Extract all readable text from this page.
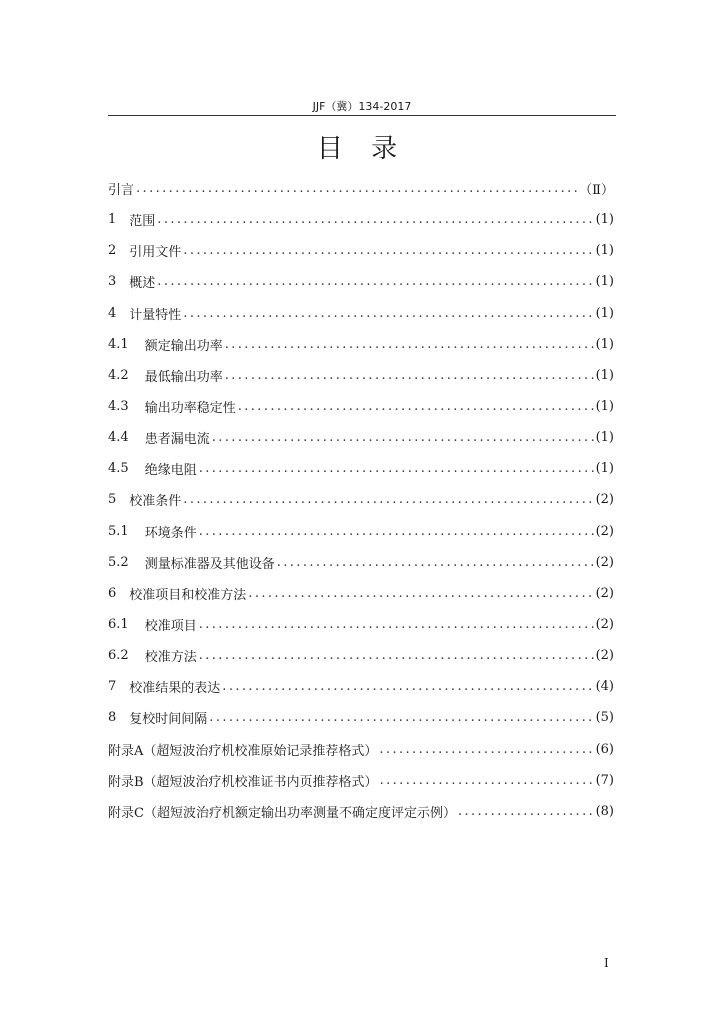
JJF（冀）134-2017
目 录
引言 .....	（Ⅱ）
1 范围 .....	(1)
2 引用文件 .....	(1)
3 概述 .....	(1)
4 计量特性 .....	(1)
4.1 额定输出功率 .....	(1)
4.2 最低输出功率 .....	(1)
4.3 输出功率稳定性 .....	(1)
4.4 患者漏电流 .....	(1)
4.5 绝缘电阻 .....	(1)
5 校准条件 .....	(2)
5.1 环境条件 .....	(2)
5.2 测量标准器及其他设备 .....	(2)
6 校准项目和校准方法 .....	(2)
6.1 校准项目 .....	(2)
6.2 校准方法 .....	(2)
7 校准结果的表达 .....	(4)
8 复校时间间隔 .....	(5)
附录A（超短波治疗机校准原始记录推荐格式） .....	(6)
附录B（超短波治疗机校准证书内页推荐格式） .....	(7)
附录C（超短波治疗机额定输出功率测量不确定度评定示例） .....	(8)
I
